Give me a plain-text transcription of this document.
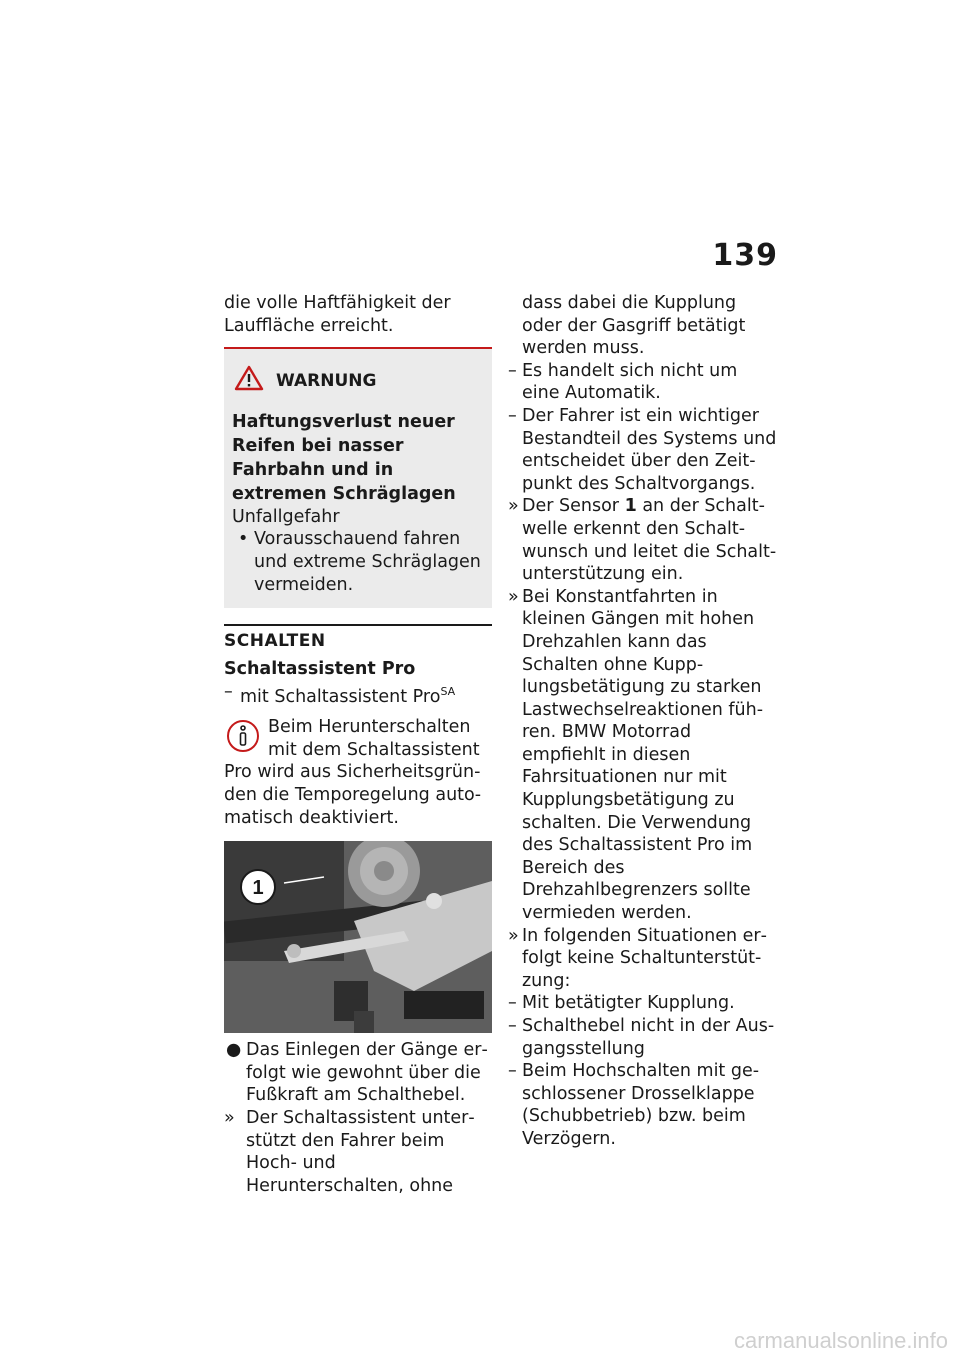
139

die volle Haftfähigkeit der Lauffläche erreicht.

WARNUNG

Haftungsverlust neuer Reifen bei nasser Fahrbahn und in extremen Schräglagen

Unfallgefahr

• Vorausschauend fahren und extreme Schräglagen vermeiden.
SCHALTEN
Schaltassistent Pro
– mit Schaltassistent Pro$^{SA}$

Beim Herunterschalten mit dem Schaltassistent Pro wird aus Sicherheitsgründen die Temporegelung automatisch deaktiviert.

1
● Das Einlegen der Gänge erfolgt wie gewohnt über die Fußkraft am Schalthebel.
» Der Schaltassistent unterstützt den Fahrer beim Hoch- und Herunterschalten, ohne

dass dabei die Kupplung oder der Gasgriff betätigt werden muss.

– Es handelt sich nicht um eine Automatik.
– Der Fahrer ist ein wichtiger Bestandteil des Systems und entscheidet über den Zeitpunkt des Schaltvorgangs.
» Der Sensor 1 an der Schaltwelle erkennt den Schaltwunsch und leitet die Schaltunterstützung ein.
» Bei Konstantfahrten in kleinen Gängen mit hohen Drehzahlen kann das Schalten ohne Kupplungsbetätigung zu starken Lastwechselreaktionen führen. BMW Motorrad empfiehlt in diesen Fahrsituationen nur mit Kupplungsbetätigung zu schalten. Die Verwendung des Schaltassistent Pro im Bereich des Drehzahlbegrenzers sollte vermieden werden.
» In folgenden Situationen erfolgt keine Schaltunterstützung:
– Mit betätigter Kupplung.
– Schalthebel nicht in der Ausgangsstellung
– Beim Hochschalten mit geschlossener Drosselklappe (Schubbetrieb) bzw. beim Verzögern.
carmanualsonline.info
